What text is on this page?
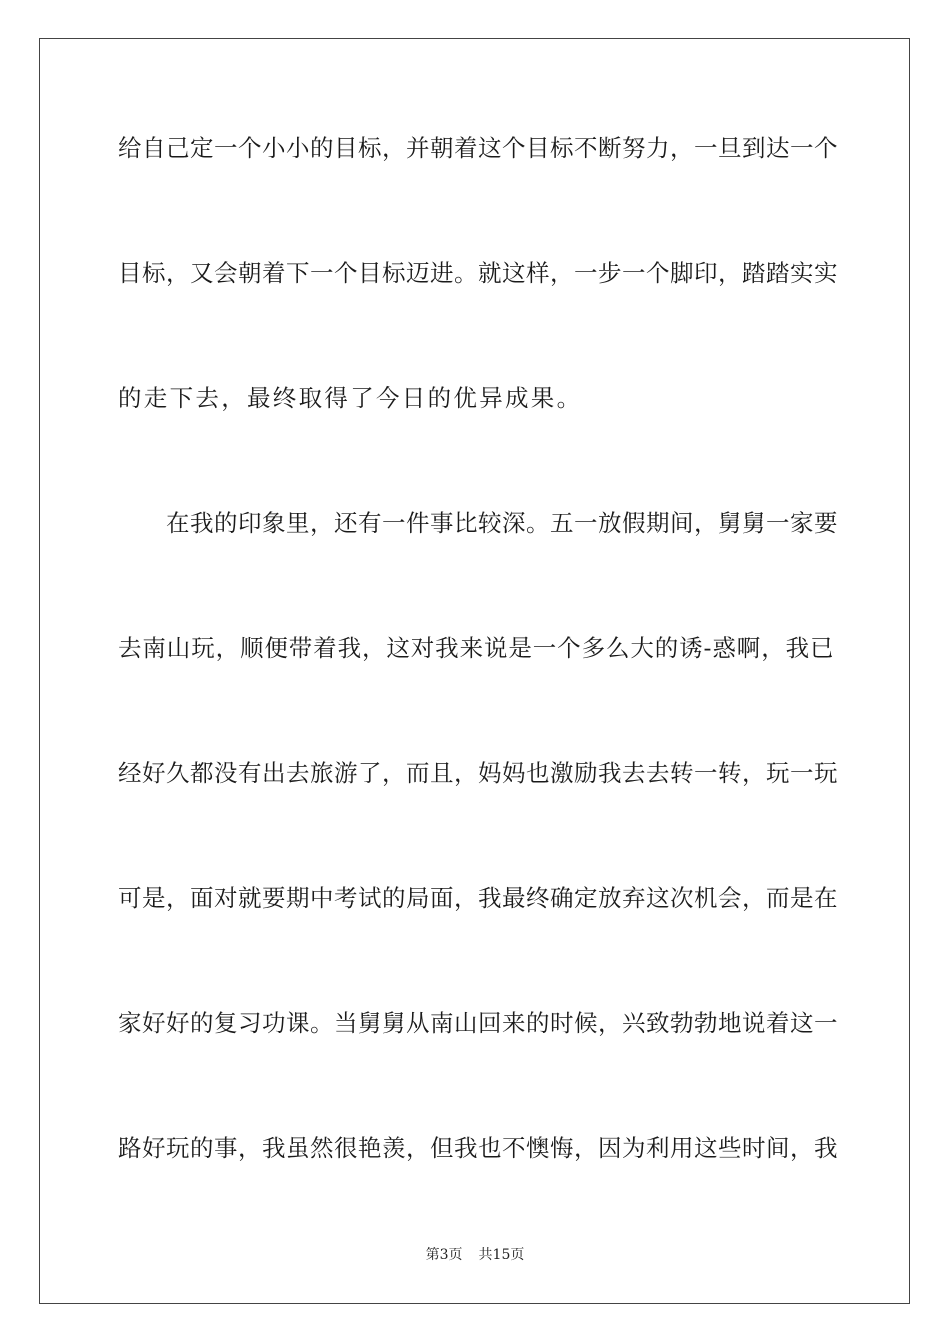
给自己定一个小小的目标，并朝着这个目标不断努力，一旦到达一个
目标，又会朝着下一个目标迈进。就这样，一步一个脚印，踏踏实实
的走下去，最终取得了今日的优异成果。
在我的印象里，还有一件事比较深。五一放假期间，舅舅一家要
去南山玩，顺便带着我，这对我来说是一个多么大的诱-惑啊，我已
经好久都没有出去旅游了，而且，妈妈也激励我去去转一转，玩一玩
可是，面对就要期中考试的局面，我最终确定放弃这次机会，而是在
家好好的复习功课。当舅舅从南山回来的时候，兴致勃勃地说着这一
路好玩的事，我虽然很艳羡，但我也不懊悔，因为利用这些时间，我
第3页 共15页
